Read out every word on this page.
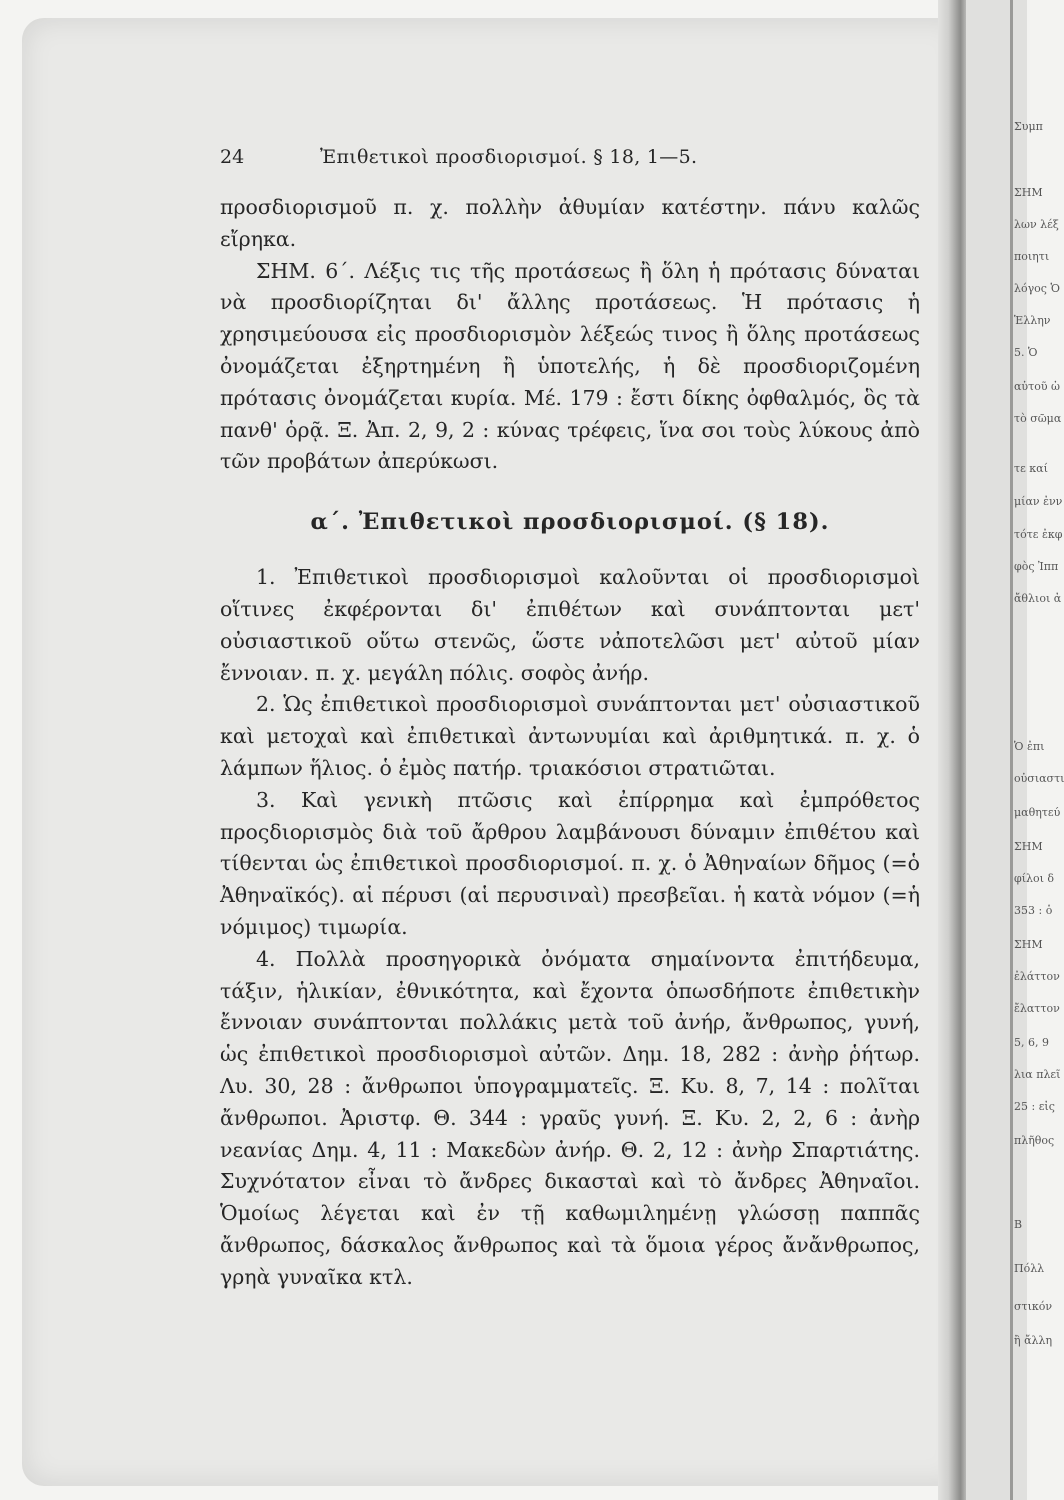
24	Ἐπιθετικοὶ προσδιορισμοί. § 18, 1—5.

προσδιορισμοῦ π. χ. πολλὴν ἀθυμίαν κατέστην. πάνυ καλῶς εἴρηκα.

ΣΗΜ. 6΄. Λέξις τις τῆς προτάσεως ἢ ὅλη ἡ πρότασις δύναται νὰ προσδιορίζηται δι' ἄλλης προτάσεως. Ἡ πρότασις ἡ χρησιμεύουσα εἰς προσδιορισμὸν λέξεώς τινος ἢ ὅλης προτάσεως ὀνομάζεται ἐξηρτημένη ἢ ὑποτελής, ἡ δὲ προσδιοριζομένη πρότασις ὀνομάζεται κυρία. Μέ. 179 : ἔστι δίκης ὀφθαλμός, ὃς τὰ πανθ' ὁρᾷ. Ξ. Ἀπ. 2, 9, 2 : κύνας τρέφεις, ἵνα σοι τοὺς λύκους ἀπὸ τῶν προβάτων ἀπερύκωσι.

α΄. Ἐπιθετικοὶ προσδιορισμοί. (§ 18).

1. Ἐπιθετικοὶ προσδιορισμοὶ καλοῦνται οἱ προσδιορισμοὶ οἵτινες ἐκφέρονται δι' ἐπιθέτων καὶ συνάπτονται μετ' οὐσιαστικοῦ οὕτω στενῶς, ὥστε νἀποτελῶσι μετ' αὐτοῦ μίαν ἔννοιαν. π. χ. μεγάλη πόλις. σοφὸς ἀνήρ.

2. Ὡς ἐπιθετικοὶ προσδιορισμοὶ συνάπτονται μετ' οὐσιαστικοῦ καὶ μετοχαὶ καὶ ἐπιθετικαὶ ἀντωνυμίαι καὶ ἀριθμητικά. π. χ. ὁ λάμπων ἥλιος. ὁ ἐμὸς πατήρ. τριακόσιοι στρατιῶται.

3. Καὶ γενικὴ πτῶσις καὶ ἐπίρρημα καὶ ἐμπρόθετος προςδιορισμὸς διὰ τοῦ ἄρθρου λαμβάνουσι δύναμιν ἐπιθέτου καὶ τίθενται ὡς ἐπιθετικοὶ προσδιορισμοί. π. χ. ὁ Ἀθηναίων δῆμος (=ὁ Ἀθηναϊκός). αἱ πέρυσι (αἱ περυσιναὶ) πρεσβεῖαι. ἡ κατὰ νόμον (=ἡ νόμιμος) τιμωρία.

4. Πολλὰ προσηγορικὰ ὀνόματα σημαίνοντα ἐπιτήδευμα, τάξιν, ἡλικίαν, ἐθνικότητα, καὶ ἔχοντα ὁπωσδήποτε ἐπιθετικὴν ἔννοιαν συνάπτονται πολλάκις μετὰ τοῦ ἀνήρ, ἄνθρωπος, γυνή, ὡς ἐπιθετικοὶ προσδιορισμοὶ αὐτῶν. Δημ. 18, 282 : ἀνὴρ ῥήτωρ. Λυ. 30, 28 : ἄνθρωποι ὑπογραμματεῖς. Ξ. Κυ. 8, 7, 14 : πολῖται ἄνθρωποι. Ἀριστφ. Θ. 344 : γραῦς γυνή. Ξ. Κυ. 2, 2, 6 : ἀνὴρ νεανίας Δημ. 4, 11 : Μακεδὼν ἀνήρ. Θ. 2, 12 : ἀνὴρ Σπαρτιάτης. Συχνότατον εἶναι τὸ ἄνδρες δικασταὶ καὶ τὸ ἄνδρες Ἀθηναῖοι. Ὁμοίως λέγεται καὶ ἐν τῇ καθωμιλημένῃ γλώσσῃ παππᾶς ἄνθρωπος, δάσκαλος ἄνθρωπος καὶ τὰ ὅμοια γέρος ἄνἄνθρωπος, γρηὰ γυναῖκα κτλ.

Συμπ
ΣΗΜ
λων λέξ
ποιητι
λόγος Ὁ
Ἑλλην
5. Ὁ
αὐτοῦ ὡ
τὸ σῶμα
τε καί
μίαν ἐνν
τότε ἐκφ
φὸς Ἰππ
ἄθλιοι ἀ
Ὁ ἐπι
οὐσιαστι
μαθητεύ
ΣΗΜ
φίλοι δ
353 : ὁ
ΣΗΜ
ἐλάττον
ἔλαττον
5, 6, 9
λια πλεῖ
25 : εἰς
πλῆθος
Β
Πόλλ
στικόν
ἢ ἄλλη
